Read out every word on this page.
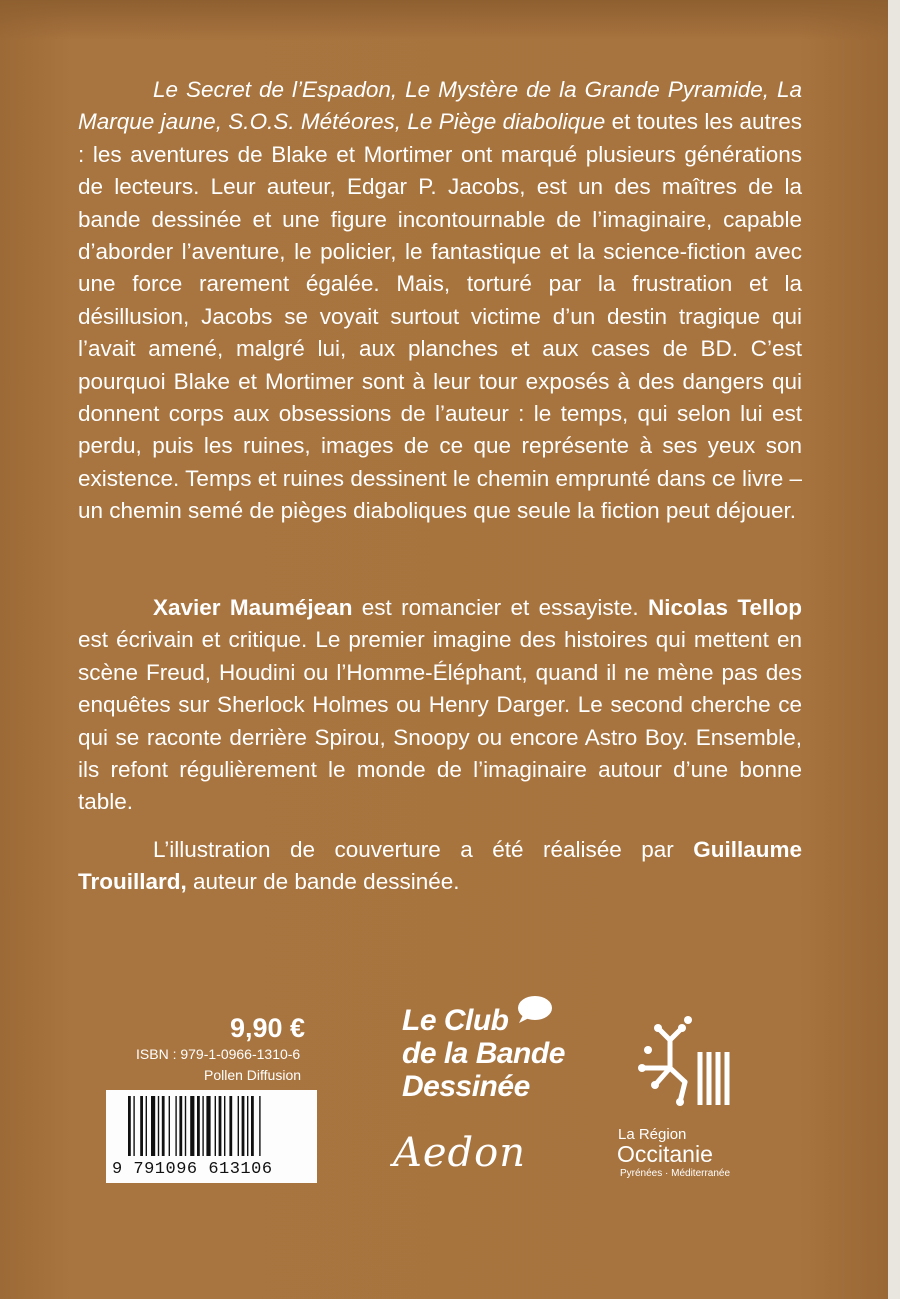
Le Secret de l’Espadon, Le Mystère de la Grande Pyramide, La Marque jaune, S.O.S. Météores, Le Piège diabolique et toutes les autres : les aventures de Blake et Mortimer ont marqué plusieurs générations de lecteurs. Leur auteur, Edgar P. Jacobs, est un des maîtres de la bande dessinée et une figure incontournable de l’imaginaire, capable d’aborder l’aventure, le policier, le fantastique et la science-fiction avec une force rarement égalée. Mais, torturé par la frustration et la désillusion, Jacobs se voyait surtout victime d’un destin tragique qui l’avait amené, malgré lui, aux planches et aux cases de BD. C’est pourquoi Blake et Mortimer sont à leur tour exposés à des dangers qui donnent corps aux obsessions de l’auteur : le temps, qui selon lui est perdu, puis les ruines, images de ce que représente à ses yeux son existence. Temps et ruines dessinent le chemin emprunté dans ce livre – un chemin semé de pièges diaboliques que seule la fiction peut déjouer.
Xavier Mauméjean est romancier et essayiste. Nicolas Tellop est écrivain et critique. Le premier imagine des histoires qui mettent en scène Freud, Houdini ou l’Homme-Éléphant, quand il ne mène pas des enquêtes sur Sherlock Holmes ou Henry Darger. Le second cherche ce qui se raconte derrière Spirou, Snoopy ou encore Astro Boy. Ensemble, ils refont régulièrement le monde de l’imaginaire autour d’une bonne table.
L’illustration de couverture a été réalisée par Guillaume Trouillard, auteur de bande dessinée.
9,90 €
ISBN : 979-1-0966-1310-6
Pollen Diffusion
9 791096 613106
Le Club
de la Bande
Dessinée
Aedon	La Région
Occitanie
Pyrénées · Méditerranée
